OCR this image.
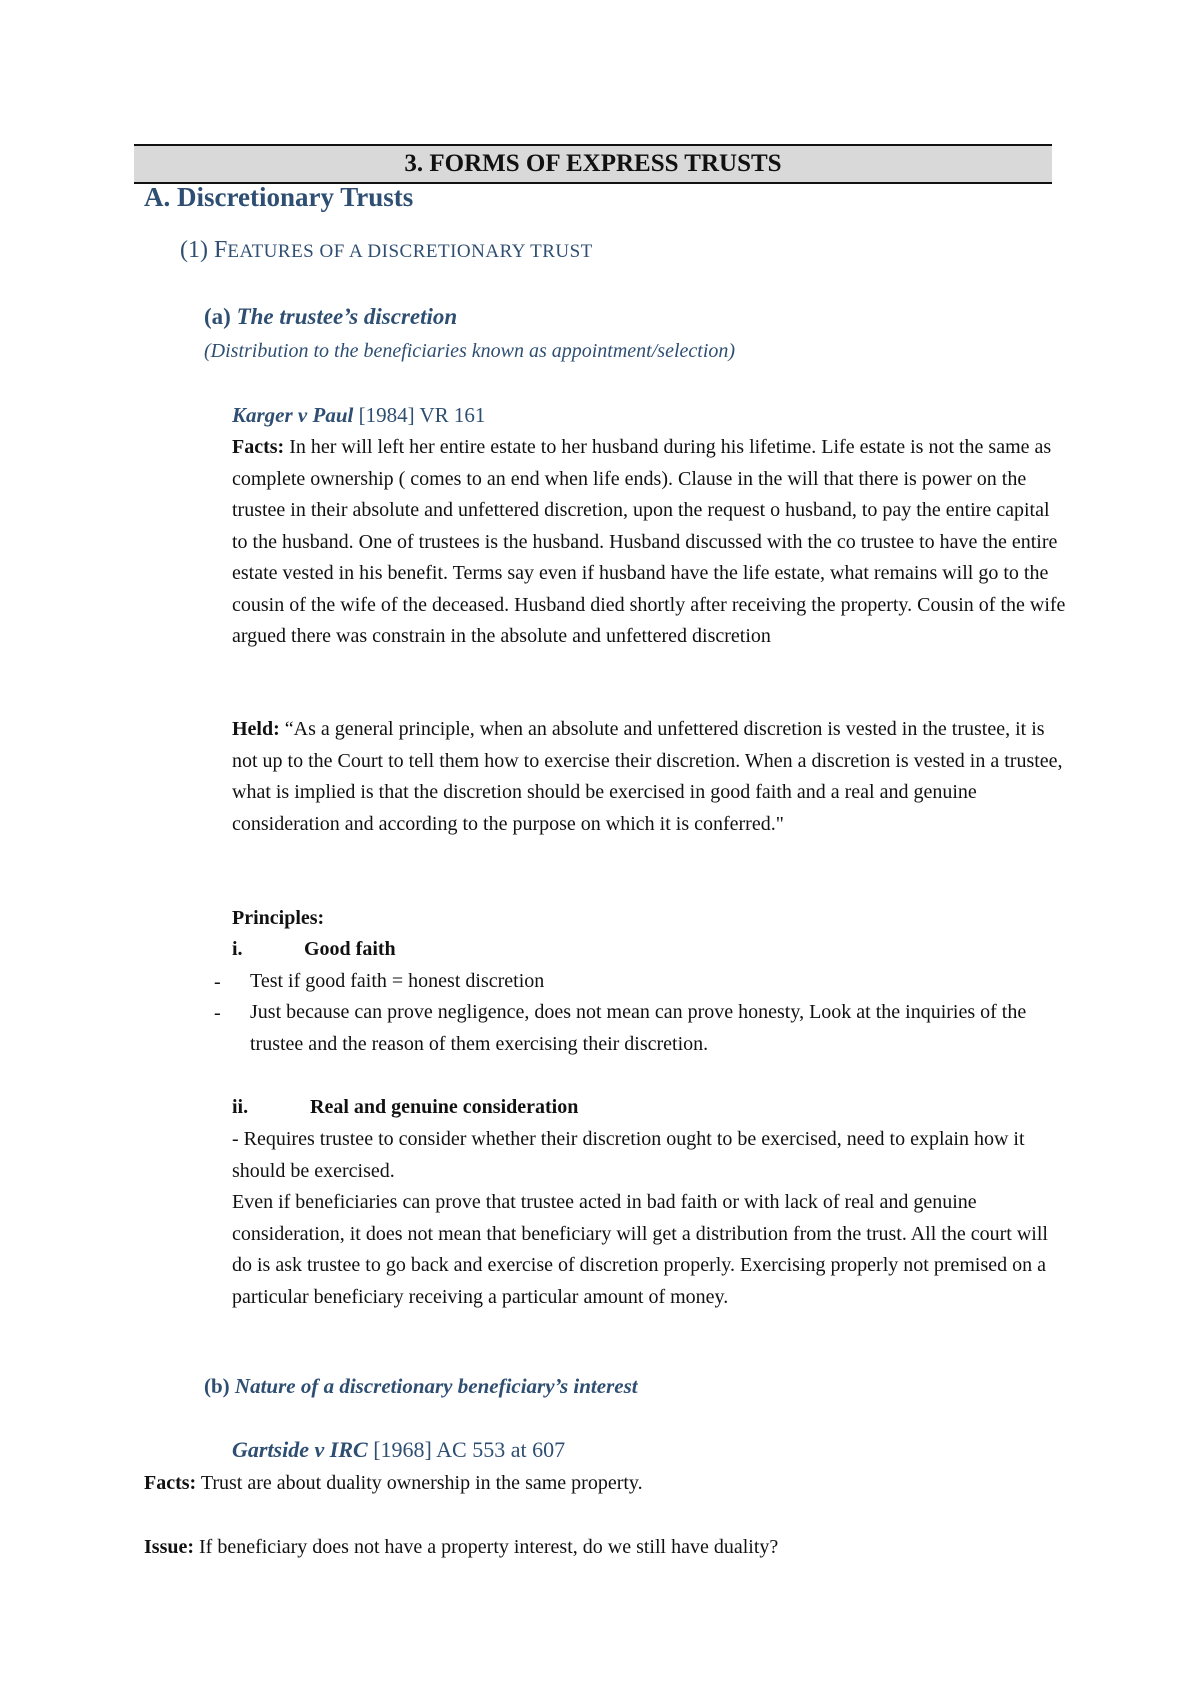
3. FORMS OF EXPRESS TRUSTS
A. Discretionary Trusts
(1) FEATURES OF A DISCRETIONARY TRUST
(a) The trustee’s discretion
(Distribution to the beneficiaries known as appointment/selection)
Karger v Paul [1984] VR 161
Facts: In her will left her entire estate to her husband during his lifetime. Life estate is not the same as complete ownership ( comes to an end when life ends). Clause in the will that there is power on the trustee in their absolute and unfettered discretion, upon the request o husband, to pay the entire capital to the husband. One of trustees is the husband. Husband discussed with the co trustee to have the entire estate vested in his benefit. Terms say even if husband have the life estate, what remains will go to the cousin of the wife of the deceased. Husband died shortly after receiving the property. Cousin of the wife argued there was constrain in the absolute and unfettered discretion
Held: “As a general principle, when an absolute and unfettered discretion is vested in the trustee, it is not up to the Court to tell them how to exercise their discretion. When a discretion is vested in a trustee, what is implied is that the discretion should be exercised in good faith and a real and genuine consideration and according to the purpose on which it is conferred."
Principles:
i.	Good faith
- Test if good faith = honest discretion
- Just because can prove negligence, does not mean can prove honesty, Look at the inquiries of the trustee and the reason of them exercising their discretion.
ii.	Real and genuine consideration
- Requires trustee to consider whether their discretion ought to be exercised, need to explain how it should be exercised.
Even if beneficiaries can prove that trustee acted in bad faith or with lack of real and genuine consideration, it does not mean that beneficiary will get a distribution from the trust. All the court will do is ask trustee to go back and exercise of discretion properly. Exercising properly not premised on a particular beneficiary receiving a particular amount of money.
(b) Nature of a discretionary beneficiary’s interest
Gartside v IRC [1968] AC 553 at 607
Facts: Trust are about duality ownership in the same property.
Issue: If beneficiary does not have a property interest, do we still have duality?
